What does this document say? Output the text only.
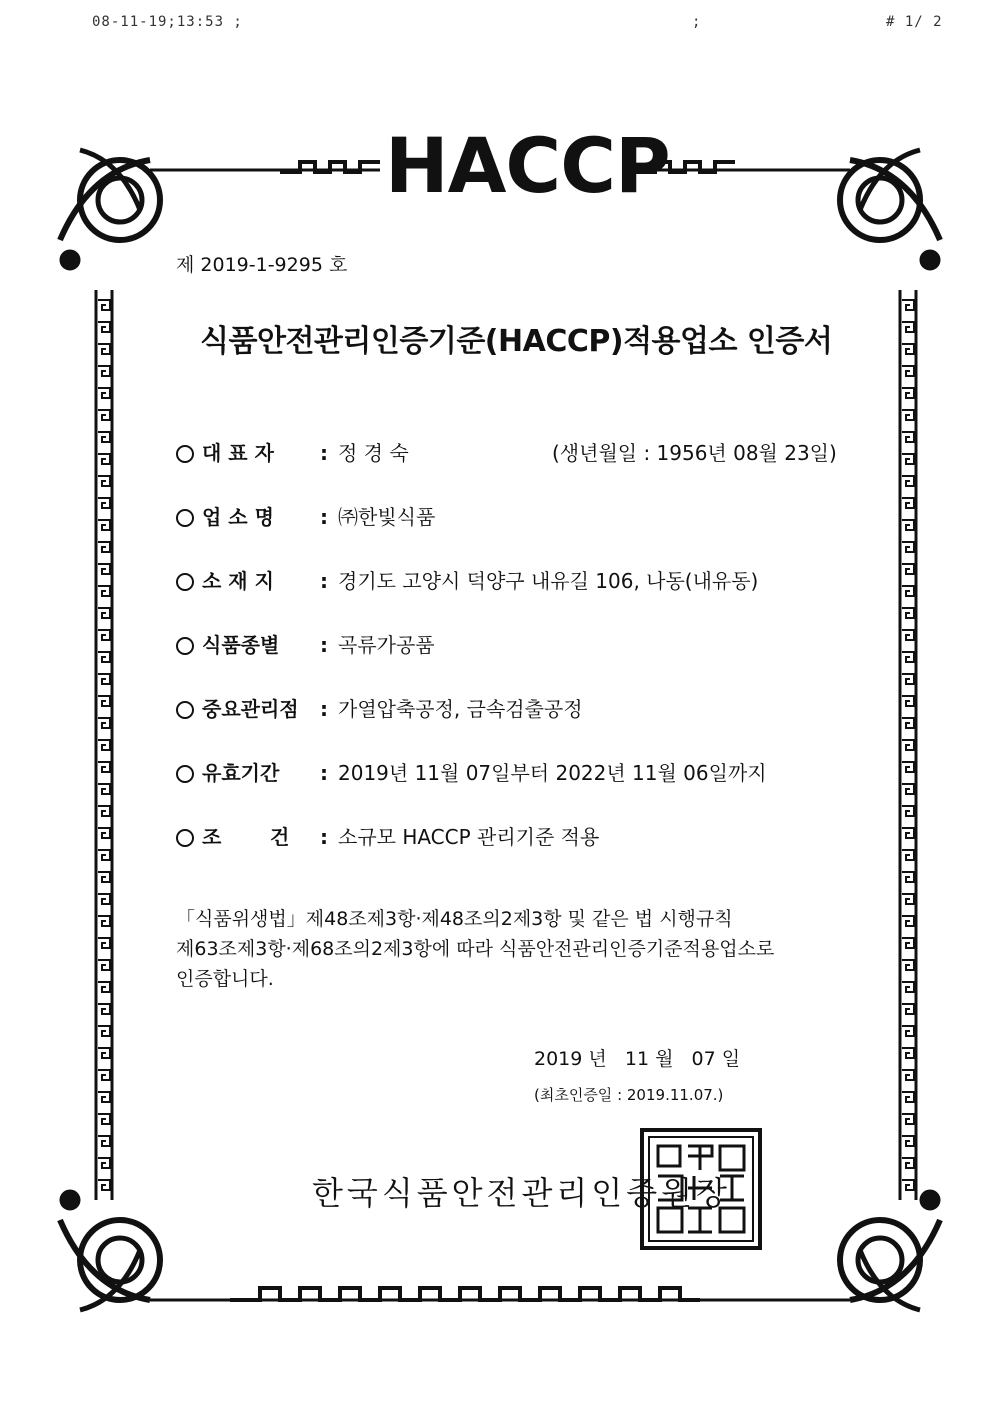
08-11-19;13:53 ;	;	# 1/ 2
HACCP
제 2019-1-9295 호
식품안전관리인증기준(HACCP)적용업소 인증서
대 표 자 : 정 경 숙	(생년월일 : 1956년 08월 23일)
업 소 명 : ㈜한빛식품
소 재 지 : 경기도 고양시 덕양구 내유길 106, 나동(내유동)
식품종별 : 곡류가공품
중요관리점 : 가열압축공정, 금속검출공정
유효기간 : 2019년 11월 07일부터 2022년 11월 06일까지
조       건 : 소규모 HACCP 관리기준 적용
「식품위생법」제48조제3항·제48조의2제3항 및 같은 법 시행규칙
제63조제3항·제68조의2제3항에 따라 식품안전관리인증기준적용업소로
인증합니다.
2019 년   11 월   07 일
(최초인증일 : 2019.11.07.)
한국식품안전관리인증원장
